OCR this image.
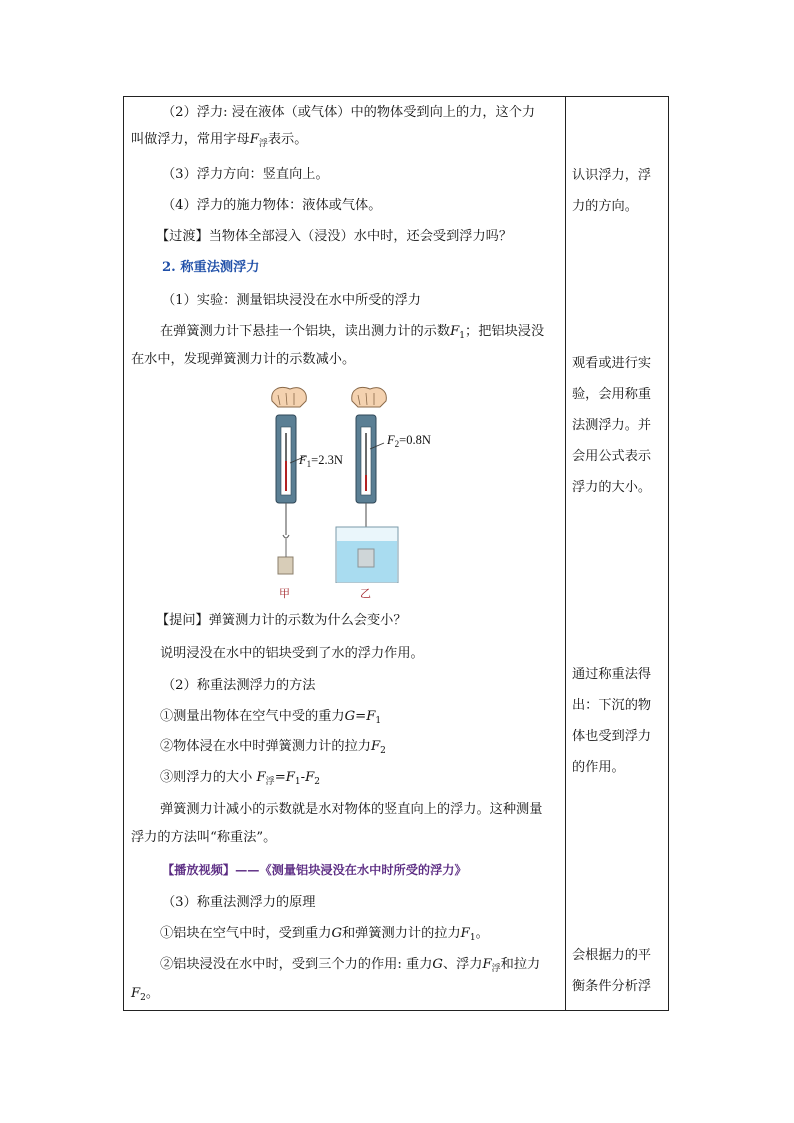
（2）浮力: 浸在液体（或气体）中的物体受到向上的力，这个力
叫做浮力，常用字母$F_浮$表示。
（3）浮力方向：竖直向上。
（4）浮力的施力物体：液体或气体。
【过渡】当物体全部浸入（浸没）水中时，还会受到浮力吗？
2. 称重法测浮力
（1）实验：测量铝块浸没在水中所受的浮力
在弹簧测力计下悬挂一个铝块，读出测力计的示数$F_1$；把铝块浸没
在水中，发现弹簧测力计的示数减小。
$F_1=2.3N$
$F_2=0.8N$
甲	乙
【提问】弹簧测力计的示数为什么会变小？
说明浸没在水中的铝块受到了水的浮力作用。
（2）称重法测浮力的方法
①测量出物体在空气中受的重力$G=F_1$
②物体浸在水中时弹簧测力计的拉力$F_2$
③则浮力的大小 $F_浮=F_1-F_2$
弹簧测力计减小的示数就是水对物体的竖直向上的浮力。这种测量
浮力的方法叫“称重法”。
【播放视频】——《测量铝块浸没在水中时所受的浮力》
（3）称重法测浮力的原理
①铝块在空气中时，受到重力G和弹簧测力计的拉力$F_1$。
②铝块浸没在水中时，受到三个力的作用: 重力G、浮力$F_浮$和拉力
$F_2$。
认识浮力，浮
力的方向。
观看或进行实
验，会用称重
法测浮力。并
会用公式表示
浮力的大小。
通过称重法得
出：下沉的物
体也受到浮力
的作用。
会根据力的平
衡条件分析浮
